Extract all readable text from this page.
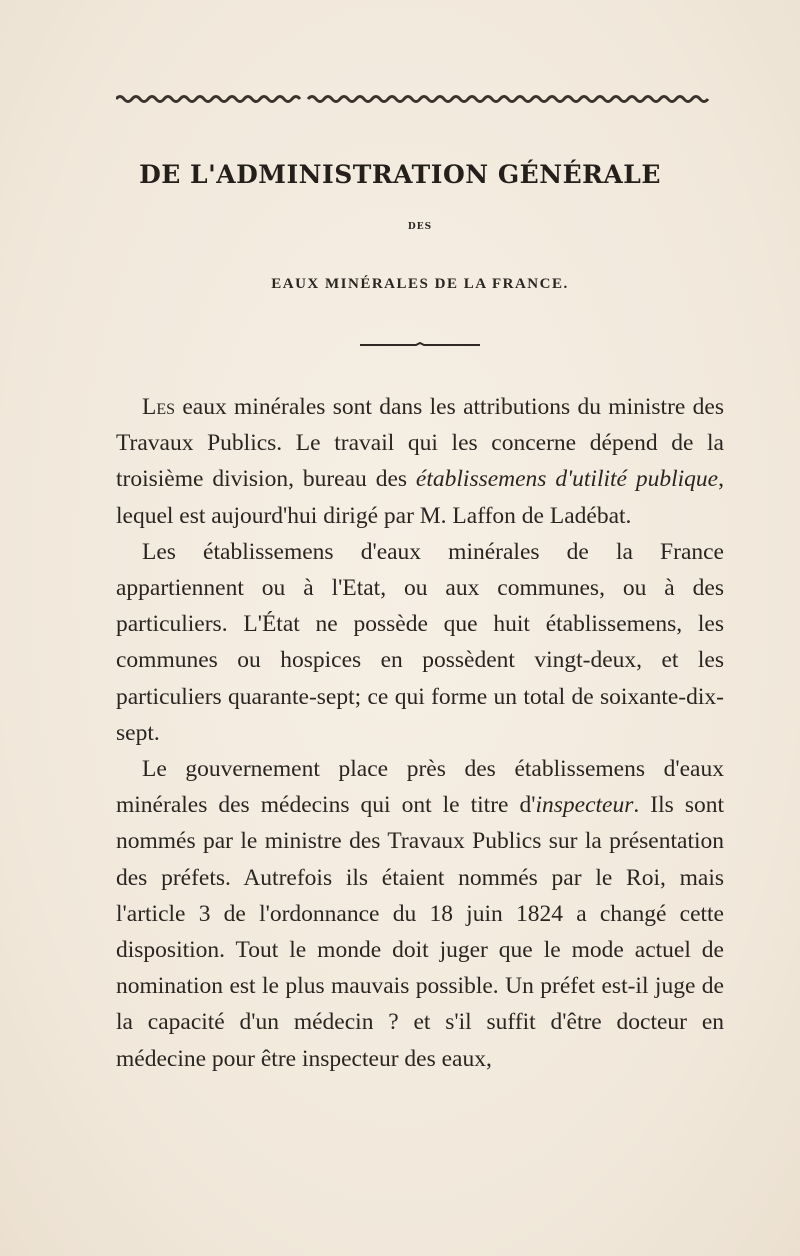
DE L'ADMINISTRATION GÉNÉRALE
DES
EAUX MINÉRALES DE LA FRANCE.

Les eaux minérales sont dans les attributions du ministre des Travaux Publics. Le travail qui les concerne dépend de la troisième division, bureau des établissemens d'utilité publique, lequel est aujourd'hui dirigé par M. Laffon de Ladébat.

Les établissemens d'eaux minérales de la France appartiennent ou à l'Etat, ou aux communes, ou à des particuliers. L'État ne possède que huit établissemens, les communes ou hospices en possèdent vingt-deux, et les particuliers quarante-sept; ce qui forme un total de soixante-dix-sept.

Le gouvernement place près des établissemens d'eaux minérales des médecins qui ont le titre d'inspecteur. Ils sont nommés par le ministre des Travaux Publics sur la présentation des préfets. Autrefois ils étaient nommés par le Roi, mais l'article 3 de l'ordonnance du 18 juin 1824 a changé cette disposition. Tout le monde doit juger que le mode actuel de nomination est le plus mauvais possible. Un préfet est-il juge de la capacité d'un médecin ? et s'il suffit d'être docteur en médecine pour être inspecteur des eaux,
